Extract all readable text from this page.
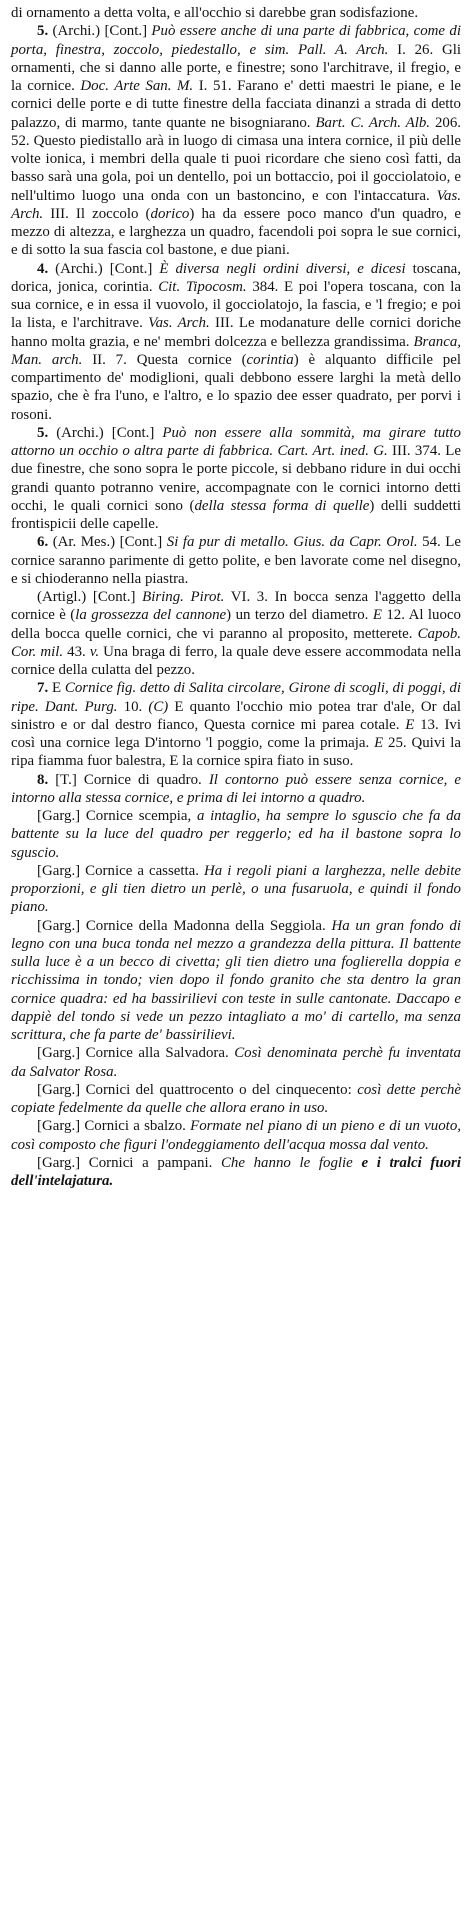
di ornamento a detta volta, e all'occhio si darebbe gran sodisfazione.

5. (Archi.) [Cont.] Può essere anche di una parte di fabbrica, come di porta, finestra, zoccolo, piedestallo, e sim. Pall. A. Arch. I. 26. Gli ornamenti, che si danno alle porte, e finestre; sono l'architrave, il fregio, e la cornice. Doc. Arte San. M. I. 51. Farano e' detti maestri le piane, e le cornici delle porte e di tutte finestre della facciata dinanzi a strada di detto palazzo, di marmo, tante quante ne bisogniarano. Bart. C. Arch. Alb. 206. 52. Questo piedistallo arà in luogo di cimasa una intera cornice, il più delle volte ionica, i membri della quale ti puoi ricordare che sieno così fatti, da basso sarà una gola, poi un dentello, poi un bottaccio, poi il gocciolatoio, e nell'ultimo luogo una onda con un bastoncino, e con l'intaccatura. Vas. Arch. III. Il zoccolo (dorico) ha da essere poco manco d'un quadro, e mezzo di altezza, e larghezza un quadro, facendoli poi sopra le sue cornici, e di sotto la sua fascia col bastone, e due piani.

4. (Archi.) [Cont.] È diversa negli ordini diversi, e dicesi toscana, dorica, jonica, corintia. Cit. Tipocosm. 384. E poi l'opera toscana, con la sua cornice, e in essa il vuovolo, il gocciolatojo, la fascia, e 'l fregio; e poi la lista, e l'architrave. Vas. Arch. III. Le modanature delle cornici doriche hanno molta grazia, e ne' membri dolcezza e bellezza grandissima. Branca, Man. arch. II. 7. Questa cornice (corintia) è alquanto difficile pel compartimento de' modiglioni, quali debbono essere larghi la metà dello spazio, che è fra l'uno, e l'altro, e lo spazio dee esser quadrato, per porvi i rosoni.

5. (Archi.) [Cont.] Può non essere alla sommità, ma girare tutto attorno un occhio o altra parte di fabbrica. Cart. Art. ined. G. III. 374. Le due finestre, che sono sopra le porte piccole, si debbano ridure in dui occhi grandi quanto potranno venire, accompagnate con le cornici intorno detti occhi, le quali cornici sono (della stessa forma di quelle) delli suddetti frontispicii delle capelle.

6. (Ar. Mes.) [Cont.] Si fa pur di metallo. Gius. da Capr. Orol. 54. Le cornice saranno parimente di getto polite, e ben lavorate come nel disegno, e si chioderanno nella piastra.

(Artigl.) [Cont.] Biring. Pirot. VI. 3. In bocca senza l'aggetto della cornice è (la grossezza del cannone) un terzo del diametro. E 12. Al luoco della bocca quelle cornici, che vi paranno al proposito, metterete. Capob. Cor. mil. 43. v. Una braga di ferro, la quale deve essere accommodata nella cornice della culatta del pezzo.

7. E Cornice fig. detto di Salita circolare, Girone di scogli, di poggi, di ripe. Dant. Purg. 10. (C) E quanto l'occhio mio potea trar d'ale, Or dal sinistro e or dal destro fianco, Questa cornice mi parea cotale. E 13. Ivi così una cornice lega D'intorno 'l poggio, come la primaja. E 25. Quivi la ripa fiamma fuor balestra, E la cornice spira fiato in suso.

8. [T.] Cornice di quadro. Il contorno può essere senza cornice, e intorno alla stessa cornice, e prima di lei intorno a quadro.

[Garg.] Cornice scempia, a intaglio, ha sempre lo sguscio che fa da battente su la luce del quadro per reggerlo; ed ha il bastone sopra lo sguscio.

[Garg.] Cornice a cassetta. Ha i regoli piani a larghezza, nelle debite proporzioni, e gli tien dietro un perlè, o una fusaruola, e quindi il fondo piano.

[Garg.] Cornice della Madonna della Seggiola. Ha un gran fondo di legno con una buca tonda nel mezzo a grandezza della pittura. Il battente sulla luce è a un becco di civetta; gli tien dietro una foglierella doppia e ricchissima in tondo; vien dopo il fondo granito che sta dentro la gran cornice quadra: ed ha bassirilievi con teste in sulle cantonate. Daccapo e dappiè del tondo si vede un pezzo intagliato a mo' di cartello, ma senza scrittura, che fa parte de' bassirilievi.

[Garg.] Cornice alla Salvadora. Così denominata perchè fu inventata da Salvator Rosa.

[Garg.] Cornici del quattrocento o del cinquecento: così dette perchè copiate fedelmente da quelle che allora erano in uso.

[Garg.] Cornici a sbalzo. Formate nel piano di un pieno e di un vuoto, così composto che figuri l'ondeggiamento dell'acqua mossa dal vento.

[Garg.] Cornici a pampani. Che hanno le foglie e i tralci fuori dell'intelajatura.
